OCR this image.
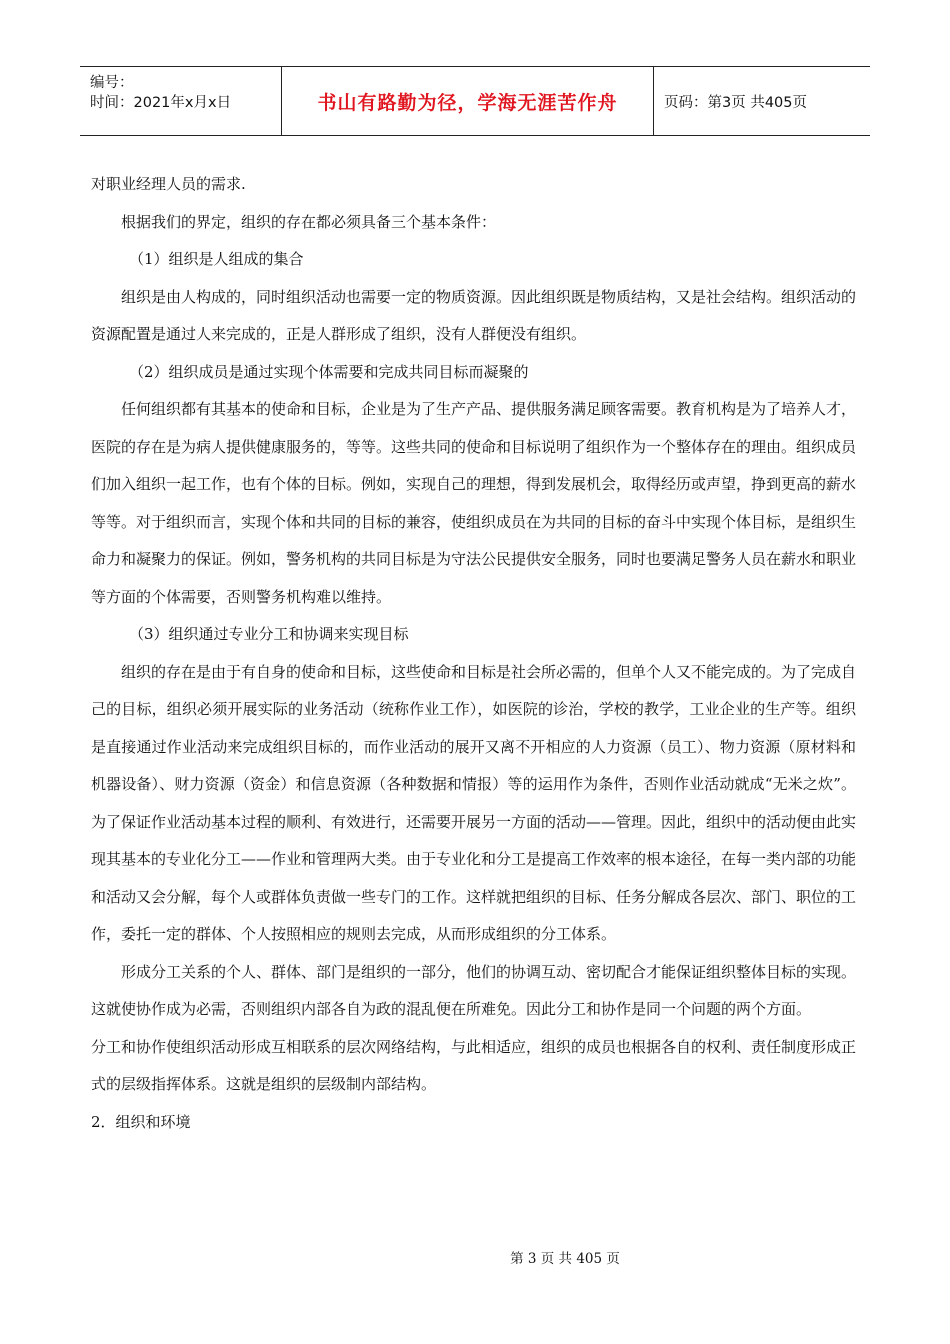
编号：
时间：2021年x月x日	书山有路勤为径，学海无涯苦作舟	页码：第3页 共405页

对职业经理人员的需求.

根据我们的界定，组织的存在都必须具备三个基本条件：

（1）组织是人组成的集合

组织是由人构成的，同时组织活动也需要一定的物质资源。因此组织既是物质结构，又是社会结构。组织活动的资源配置是通过人来完成的，正是人群形成了组织，没有人群便没有组织。

（2）组织成员是通过实现个体需要和完成共同目标而凝聚的

任何组织都有其基本的使命和目标，企业是为了生产产品、提供服务满足顾客需要。教育机构是为了培养人才，医院的存在是为病人提供健康服务的，等等。这些共同的使命和目标说明了组织作为一个整体存在的理由。组织成员们加入组织一起工作，也有个体的目标。例如，实现自己的理想，得到发展机会，取得经历或声望，挣到更高的薪水等等。对于组织而言，实现个体和共同的目标的兼容，使组织成员在为共同的目标的奋斗中实现个体目标，是组织生命力和凝聚力的保证。例如，警务机构的共同目标是为守法公民提供安全服务，同时也要满足警务人员在薪水和职业等方面的个体需要，否则警务机构难以维持。

（3）组织通过专业分工和协调来实现目标

组织的存在是由于有自身的使命和目标，这些使命和目标是社会所必需的，但单个人又不能完成的。为了完成自己的目标，组织必须开展实际的业务活动（统称作业工作），如医院的诊治，学校的教学，工业企业的生产等。组织是直接通过作业活动来完成组织目标的，而作业活动的展开又离不开相应的人力资源（员工）、物力资源（原材料和机器设备）、财力资源（资金）和信息资源（各种数据和情报）等的运用作为条件，否则作业活动就成“无米之炊”。为了保证作业活动基本过程的顺利、有效进行，还需要开展另一方面的活动——管理。因此，组织中的活动便由此实现其基本的专业化分工——作业和管理两大类。由于专业化和分工是提高工作效率的根本途径，在每一类内部的功能和活动又会分解，每个人或群体负责做一些专门的工作。这样就把组织的目标、任务分解成各层次、部门、职位的工作，委托一定的群体、个人按照相应的规则去完成，从而形成组织的分工体系。

形成分工关系的个人、群体、部门是组织的一部分，他们的协调互动、密切配合才能保证组织整体目标的实现。这就使协作成为必需，否则组织内部各自为政的混乱便在所难免。因此分工和协作是同一个问题的两个方面。

分工和协作使组织活动形成互相联系的层次网络结构，与此相适应，组织的成员也根据各自的权利、责任制度形成正式的层级指挥体系。这就是组织的层级制内部结构。

2．组织和环境

第 3 页 共 405 页
